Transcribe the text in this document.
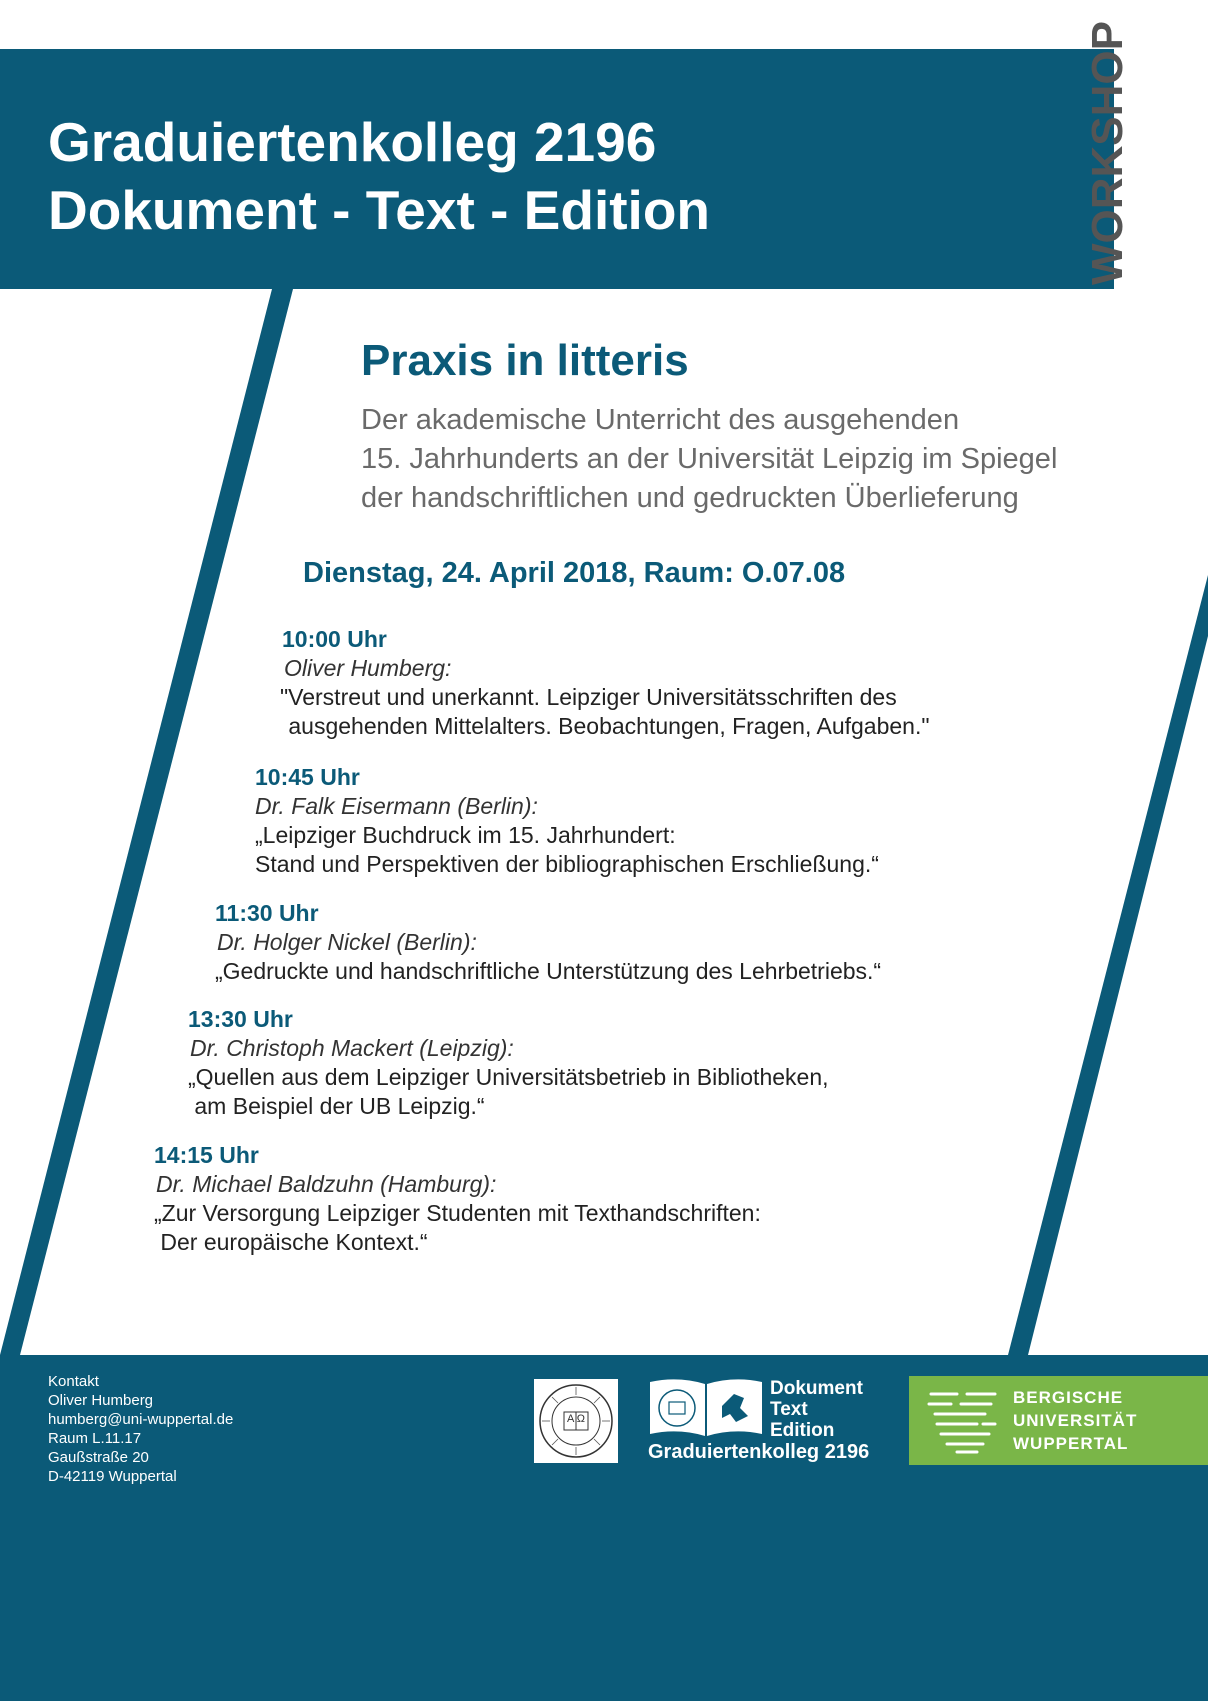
Graduiertenkolleg 2196
Dokument - Text - Edition	WORKSHOP
Praxis in litteris
Der akademische Unterricht des ausgehenden
15. Jahrhunderts an der Universität Leipzig im Spiegel
der handschriftlichen und gedruckten Überlieferung
Dienstag, 24. April 2018, Raum: O.07.08
10:00 Uhr
Oliver Humberg:
"Verstreut und unerkannt. Leipziger Universitätsschriften des
ausgehenden Mittelalters. Beobachtungen, Fragen, Aufgaben."
10:45 Uhr
Dr. Falk Eisermann (Berlin):
„Leipziger Buchdruck im 15. Jahrhundert:
Stand und Perspektiven der bibliographischen Erschließung.“
11:30 Uhr
Dr. Holger Nickel (Berlin):
„Gedruckte und handschriftliche Unterstützung des Lehrbetriebs.“
13:30 Uhr
Dr. Christoph Mackert (Leipzig):
„Quellen aus dem Leipziger Universitätsbetrieb in Bibliotheken,
am Beispiel der UB Leipzig.“
14:15 Uhr
Dr. Michael Baldzuhn (Hamburg):
„Zur Versorgung Leipziger Studenten mit Texthandschriften:
Der europäische Kontext.“
Kontakt
Oliver Humberg
humberg@uni-wuppertal.de
Raum L.11.17
Gaußstraße 20
D-42119 Wuppertal
A Ω
Dokument
Text
Edition
Graduiertenkolleg 2196
BERGISCHE
UNIVERSITÄT
WUPPERTAL
